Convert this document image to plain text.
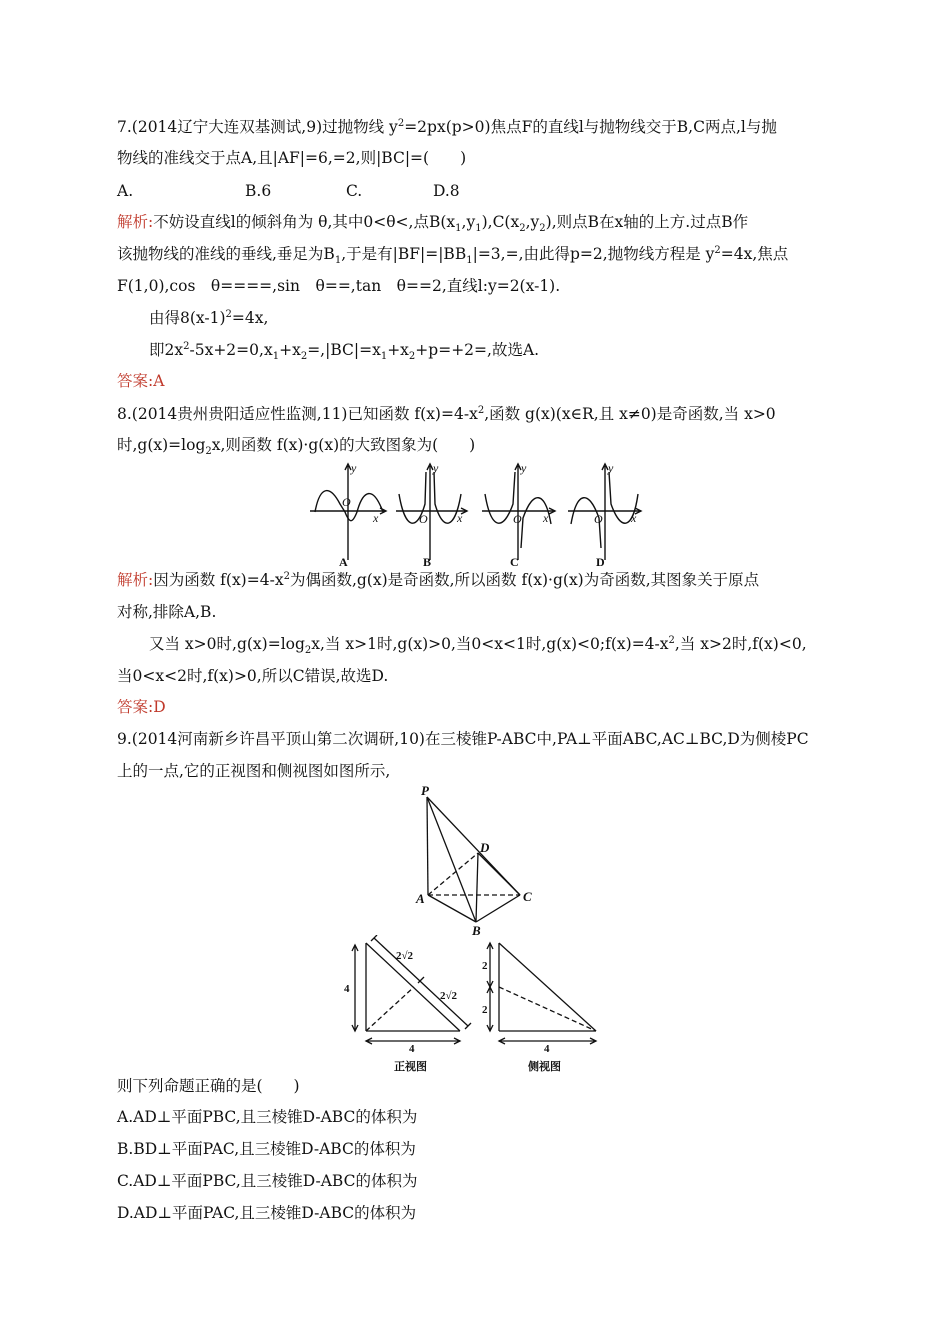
7.(2014辽宁大连双基测试,9)过抛物线 $y^2=2px(p>0)$焦点F的直线l与抛物线交于B,C两点,l与抛
物线的准线交于点A,且|AF|=6,=2,则|BC|=(　　)
A.	B.6	C.	D.8
解析:不妨设直线l的倾斜角为 θ,其中0<θ<,点$B(x_1,y_1),C(x_2,y_2)$,则点B在x轴的上方.过点B作
该抛物线的准线的垂线,垂足为$B_1$,于是有$|BF|=|BB_1|=3,=$,由此得p=2,抛物线方程是 $y^2=4x$,焦点
F(1,0),cos　θ====,sin　θ==,tan　θ==2,直线l:y=2(x-1).
由得$8(x-1)^2=4x$,
即$2x^2-5x+2=0,x_1+x_2=,|BC|=x_1+x_2+p=+2=$,故选A.
答案:A
8.(2014贵州贵阳适应性监测,11)已知函数 $f(x)=4-x^2$,函数 g(x)(x∈R,且 x≠0)是奇函数,当 x>0
时$,g(x)=\log_2x$,则函数 f(x)·g(x)的大致图象为(　　)
y
x
O
y
x
O
y
x
O
y
x
O
A	B	C	D
解析:因为函数 $f(x)=4-x^2$为偶函数,g(x)是奇函数,所以函数 f(x)·g(x)为奇函数,其图象关于原点
对称,排除A,B.
又当 x>0时$,g(x)=\log_2x$,当 x>1时,g(x)>0,当0<x<1时$,g(x)<0;f(x)=4-x^2$,当 x>2时,f(x)<0,
当0<x<2时,f(x)>0,所以C错误,故选D.
答案:D
9.(2014河南新乡许昌平顶山第二次调研,10)在三棱锥P-ABC中,PA⊥平面ABC,AC⊥BC,D为侧棱PC
上的一点,它的正视图和侧视图如图所示,
P
D
A	C
B
4
4
2√2
2√2
正视图
2
2
4
侧视图
则下列命题正确的是(　　)
A.AD⊥平面PBC,且三棱锥D-ABC的体积为
B.BD⊥平面PAC,且三棱锥D-ABC的体积为
C.AD⊥平面PBC,且三棱锥D-ABC的体积为
D.AD⊥平面PAC,且三棱锥D-ABC的体积为
